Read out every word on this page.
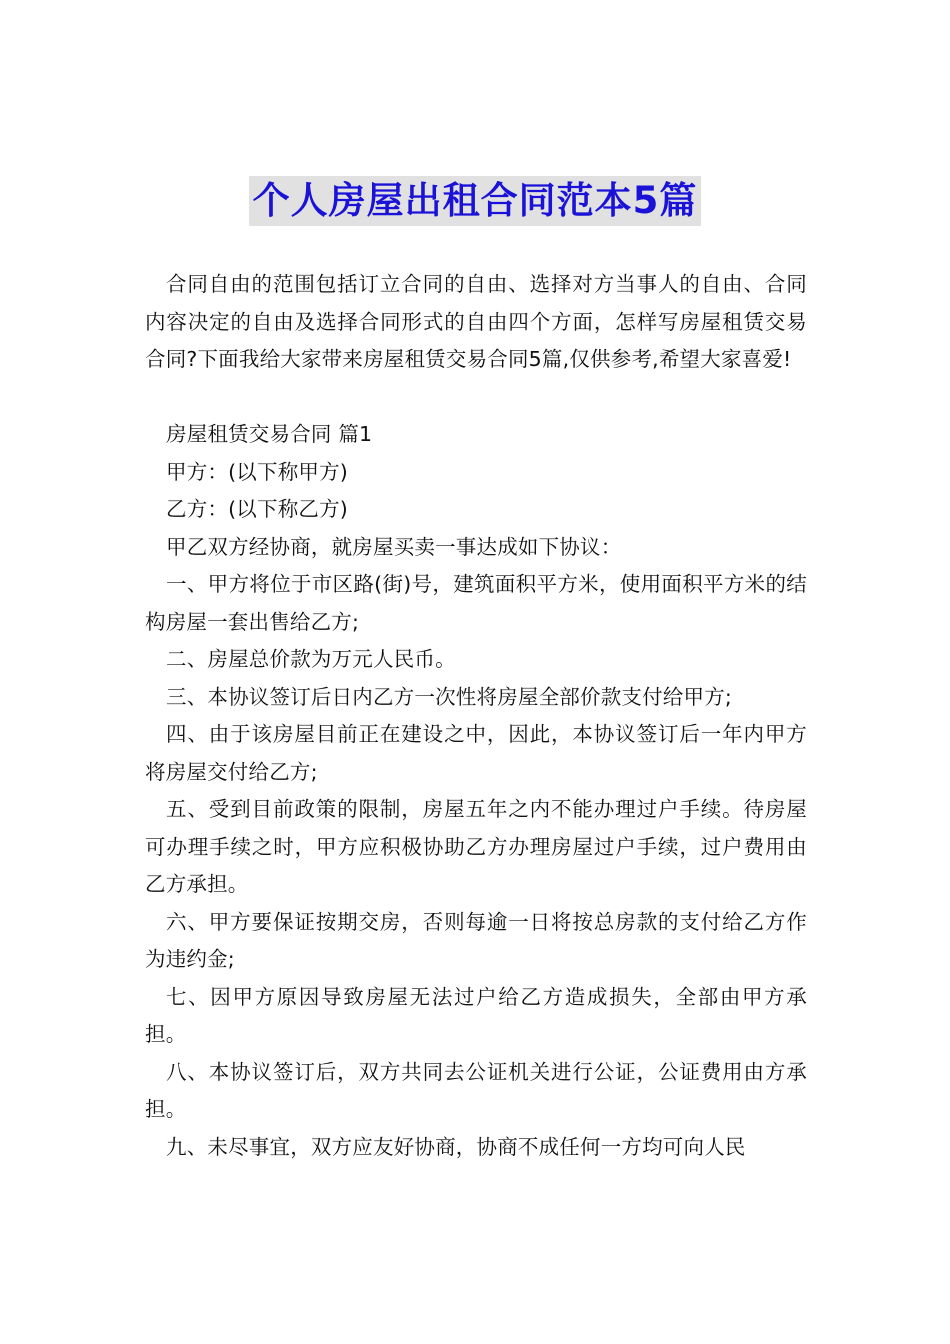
个人房屋出租合同范本5篇

合同自由的范围包括订立合同的自由、选择对方当事人的自由、合同内容决定的自由及选择合同形式的自由四个方面，怎样写房屋租赁交易合同?下面我给大家带来房屋租赁交易合同5篇,仅供参考,希望大家喜爱!

房屋租赁交易合同 篇1

甲方：(以下称甲方)

乙方：(以下称乙方)

甲乙双方经协商，就房屋买卖一事达成如下协议：

一、甲方将位于市区路(街)号，建筑面积平方米，使用面积平方米的结构房屋一套出售给乙方;

二、房屋总价款为万元人民币。

三、本协议签订后日内乙方一次性将房屋全部价款支付给甲方;

四、由于该房屋目前正在建设之中，因此，本协议签订后一年内甲方将房屋交付给乙方;

五、受到目前政策的限制，房屋五年之内不能办理过户手续。待房屋可办理手续之时，甲方应积极协助乙方办理房屋过户手续，过户费用由乙方承担。

六、甲方要保证按期交房，否则每逾一日将按总房款的支付给乙方作为违约金;

七、因甲方原因导致房屋无法过户给乙方造成损失，全部由甲方承担。

八、本协议签订后，双方共同去公证机关进行公证，公证费用由方承担。

九、未尽事宜，双方应友好协商，协商不成任何一方均可向人民
